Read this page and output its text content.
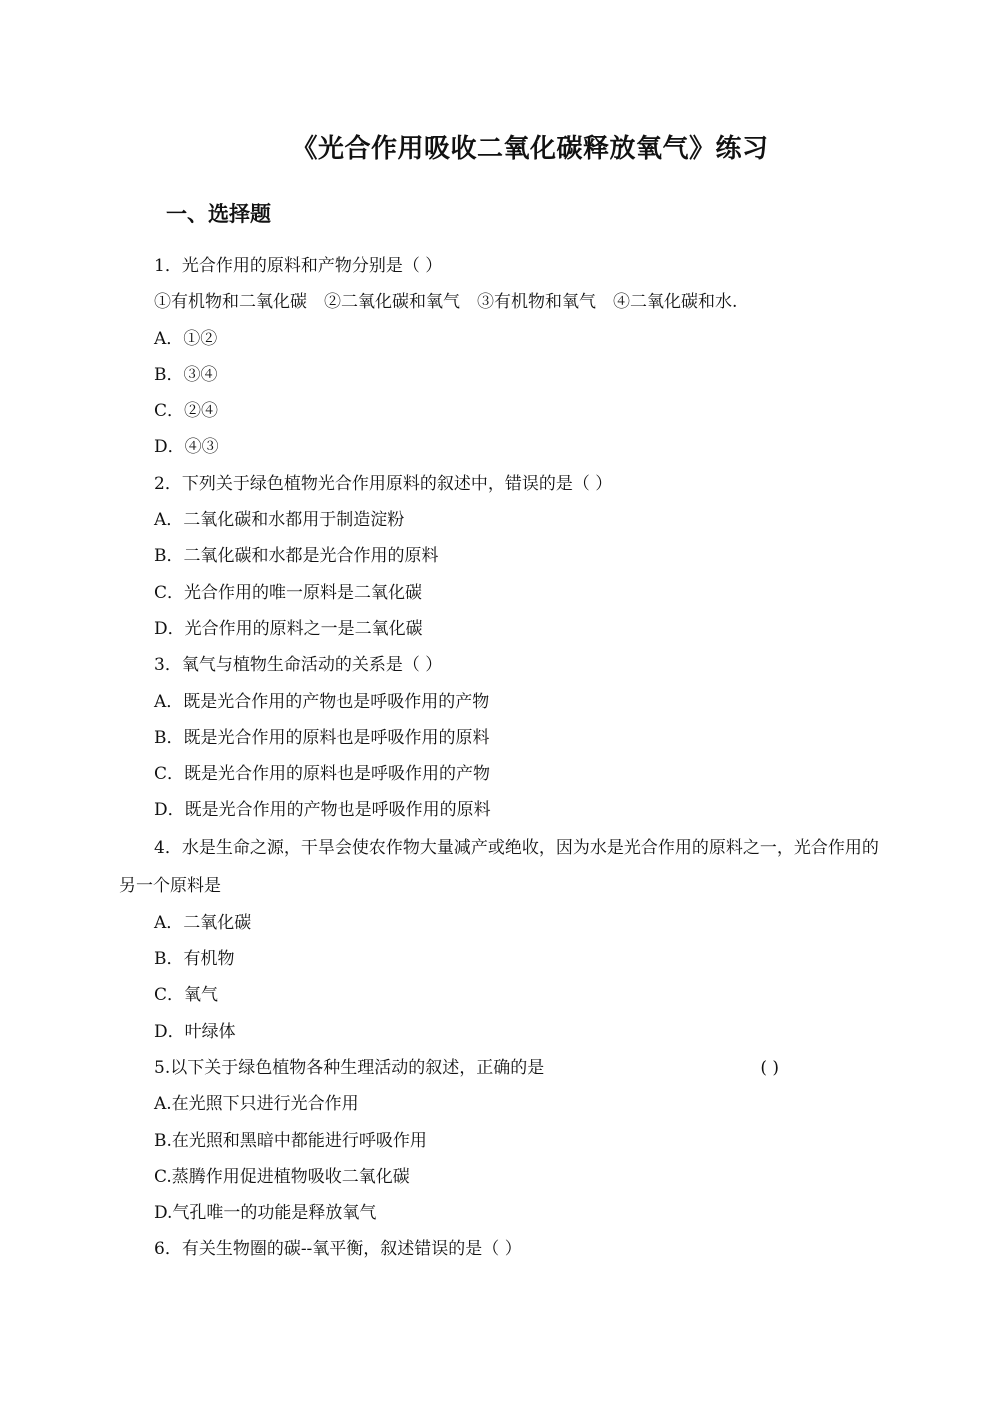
《光合作用吸收二氧化碳释放氧气》练习
一、选择题
1．光合作用的原料和产物分别是（ ）
①有机物和二氧化碳　②二氧化碳和氧气　③有机物和氧气　④二氧化碳和水.
A．①②
B．③④
C．②④
D．④③
2．下列关于绿色植物光合作用原料的叙述中，错误的是（ ）
A．二氧化碳和水都用于制造淀粉
B．二氧化碳和水都是光合作用的原料
C．光合作用的唯一原料是二氧化碳
D．光合作用的原料之一是二氧化碳
3．氧气与植物生命活动的关系是（ ）
A．既是光合作用的产物也是呼吸作用的产物
B．既是光合作用的原料也是呼吸作用的原料
C．既是光合作用的原料也是呼吸作用的产物
D．既是光合作用的产物也是呼吸作用的原料
4．水是生命之源，干旱会使农作物大量减产或绝收，因为水是光合作用的原料之一，光合作用的另一个原料是
A．二氧化碳
B．有机物
C．氧气
D．叶绿体
5.以下关于绿色植物各种生理活动的叙述，正确的是	( )
A.在光照下只进行光合作用
B.在光照和黑暗中都能进行呼吸作用
C.蒸腾作用促进植物吸收二氧化碳
D.气孔唯一的功能是释放氧气
6．有关生物圈的碳--氧平衡，叙述错误的是（ ）
